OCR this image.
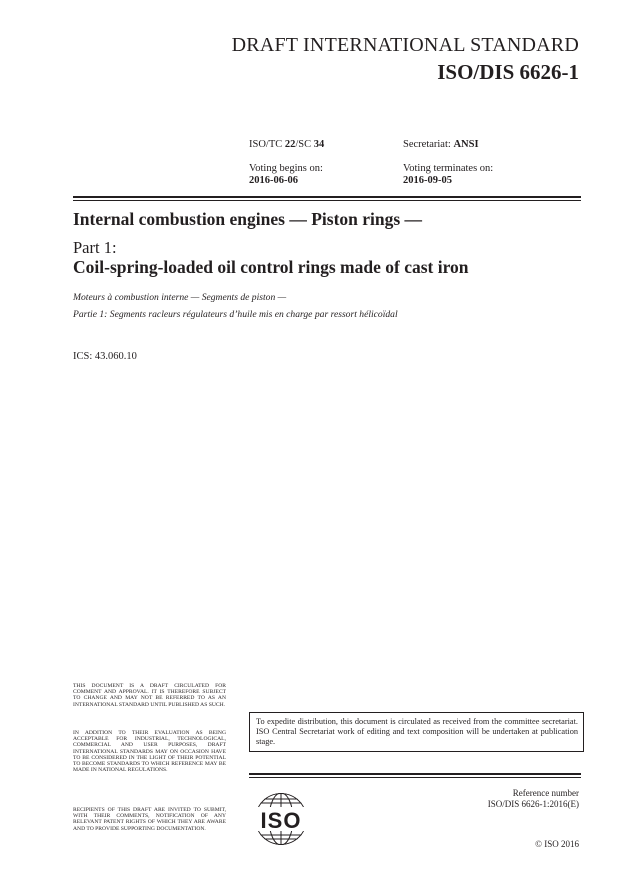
DRAFT INTERNATIONAL STANDARD
ISO/DIS 6626-1
ISO/TC 22/SC 34	Secretariat: ANSI
Voting begins on:
2016-06-06
Voting terminates on:
2016-09-05
Internal combustion engines — Piston rings —
Part 1:
Coil-spring-loaded oil control rings made of cast iron
Moteurs à combustion interne — Segments de piston —
Partie 1: Segments racleurs régulateurs d’huile mis en charge par ressort hélicoïdal
ICS: 43.060.10
THIS DOCUMENT IS A DRAFT CIRCULATED FOR COMMENT AND APPROVAL. IT IS THEREFORE SUBJECT TO CHANGE AND MAY NOT BE REFERRED TO AS AN INTERNATIONAL STANDARD UNTIL PUBLISHED AS SUCH.
IN ADDITION TO THEIR EVALUATION AS BEING ACCEPTABLE FOR INDUSTRIAL, TECHNOLOGICAL, COMMERCIAL AND USER PURPOSES, DRAFT INTERNATIONAL STANDARDS MAY ON OCCASION HAVE TO BE CONSIDERED IN THE LIGHT OF THEIR POTENTIAL TO BECOME STANDARDS TO WHICH REFERENCE MAY BE MADE IN NATIONAL REGULATIONS.
RECIPIENTS OF THIS DRAFT ARE INVITED TO SUBMIT, WITH THEIR COMMENTS, NOTIFICATION OF ANY RELEVANT PATENT RIGHTS OF WHICH THEY ARE AWARE AND TO PROVIDE SUPPORTING DOCUMENTATION.
To expedite distribution, this document is circulated as received from the committee secretariat. ISO Central Secretariat work of editing and text composition will be undertaken at publication stage.
ISO
Reference number
ISO/DIS 6626-1:2016(E)
© ISO 2016
